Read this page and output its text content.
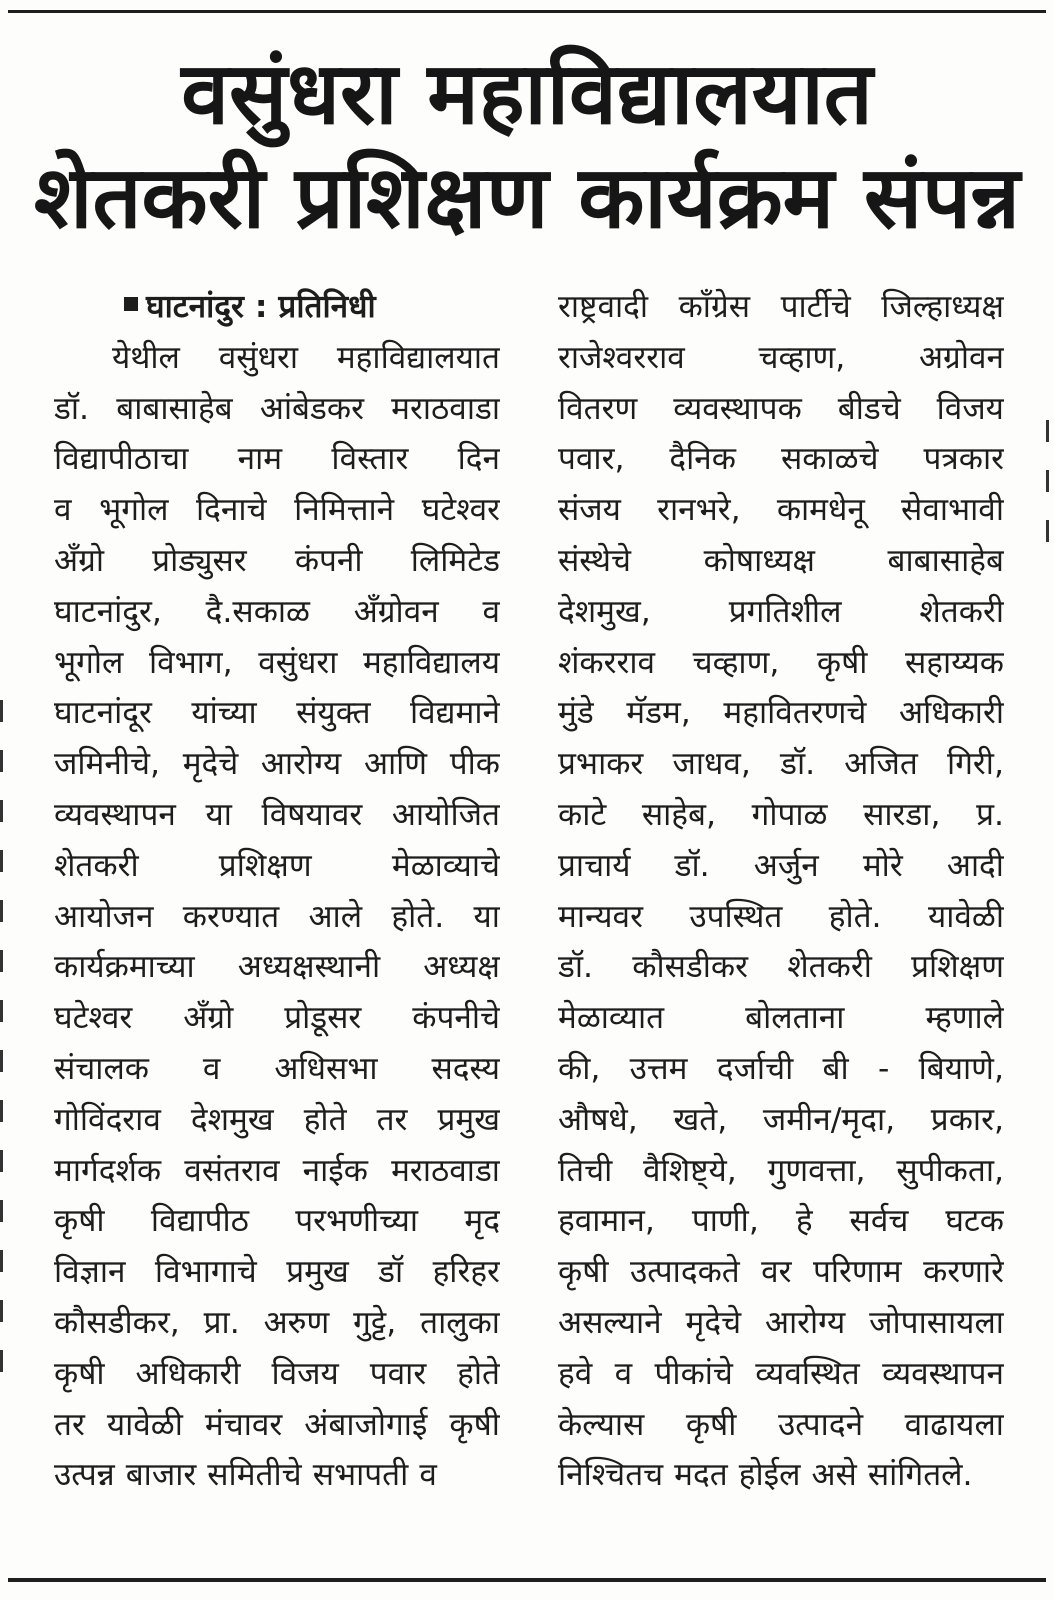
वसुंधरा महाविद्यालयात
शेतकरी प्रशिक्षण कार्यक्रम संपन्न
घाटनांदुर : प्रतिनिधी
येथील वसुंधरा महाविद्यालयात
डॉ. बाबासाहेब आंबेडकर मराठवाडा
विद्यापीठाचा नाम विस्तार दिन
व भूगोल दिनाचे निमित्ताने घटेश्वर
अँग्रो प्रोड्युसर कंपनी लिमिटेड
घाटनांदुर, दै.सकाळ अँग्रोवन व
भूगोल विभाग, वसुंधरा महाविद्यालय
घाटनांदूर यांच्या संयुक्त विद्यमाने
जमिनीचे, मृदेचे आरोग्य आणि पीक
व्यवस्थापन या विषयावर आयोजित
शेतकरी	प्रशिक्षण	मेळाव्याचे
आयोजन करण्यात आले होते. या
कार्यक्रमाच्या अध्यक्षस्थानी अध्यक्ष
घटेश्वर अँग्रो प्रोडूसर कंपनीचे
संचालक व अधिसभा सदस्य
गोविंदराव देशमुख होते तर प्रमुख
मार्गदर्शक वसंतराव नाईक मराठवाडा
कृषी विद्यापीठ परभणीच्या मृद
विज्ञान विभागाचे प्रमुख डॉ हरिहर
कौसडीकर, प्रा. अरुण गुट्टे, तालुका
कृषी अधिकारी विजय पवार होते
तर यावेळी मंचावर अंबाजोगाई कृषी
उत्पन्न बाजार समितीचे सभापती व
राष्ट्रवादी काँग्रेस पार्टीचे जिल्हाध्यक्ष
राजेश्वरराव चव्हाण, अग्रोवन
वितरण व्यवस्थापक बीडचे विजय
पवार, दैनिक सकाळचे पत्रकार
संजय रानभरे, कामधेनू सेवाभावी
संस्थेचे कोषाध्यक्ष बाबासाहेब
देशमुख, प्रगतिशील शेतकरी
शंकरराव चव्हाण, कृषी सहाय्यक
मुंडे मॅडम, महावितरणचे अधिकारी
प्रभाकर जाधव, डॉ. अजित गिरी,
काटे साहेब, गोपाळ सारडा, प्र.
प्राचार्य डॉ. अर्जुन मोरे आदी
मान्यवर उपस्थित होते. यावेळी
डॉ. कौसडीकर शेतकरी प्रशिक्षण
मेळाव्यात	बोलताना	म्हणाले
की, उत्तम दर्जाची बी - बियाणे,
औषधे, खते, जमीन/मृदा, प्रकार,
तिची वैशिष्ट्ये, गुणवत्ता, सुपीकता,
हवामान, पाणी, हे सर्वच घटक
कृषी उत्पादकते वर परिणाम करणारे
असल्याने मृदेचे आरोग्य जोपासायला
हवे व पीकांचे व्यवस्थित व्यवस्थापन
केल्यास कृषी उत्पादने वाढायला
निश्चितच मदत होईल असे सांगितले.
